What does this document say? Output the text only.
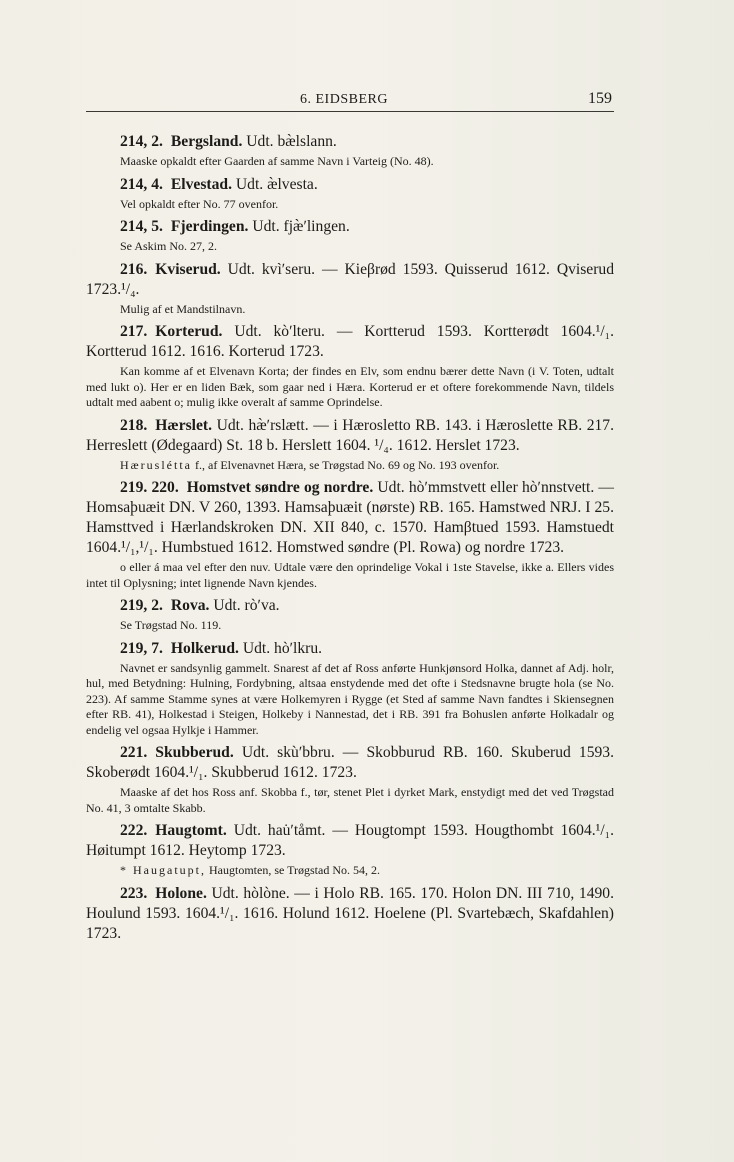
6. EIDSBERG	159

214, 2. Bergsland. Udt. bæ̀lslann.

Maaske opkaldt efter Gaarden af samme Navn i Varteig (No. 48).

214, 4. Elvestad. Udt. æ̀lvesta.

Vel opkaldt efter No. 77 ovenfor.

214, 5. Fjerdingen. Udt. fjæ̀ʹlingen.

Se Askim No. 27, 2.

216. Kviserud. Udt. kvìʹseru. — Kieβrød 1593. Quisserud 1612. Qviserud 1723.¹/₄.

Mulig af et Mandstilnavn.

217. Korterud. Udt. kòʹlteru. — Kortterud 1593. Kortterødt 1604.¹/₁. Kortterud 1612. 1616. Korterud 1723.

Kan komme af et Elvenavn Korta; der findes en Elv, som endnu bærer dette Navn (i V. Toten, udtalt med lukt o). Her er en liden Bæk, som gaar ned i Hæra. Korterud er et oftere forekommende Navn, tildels udtalt med aabent o; mulig ikke overalt af samme Oprindelse.

218. Hærslet. Udt. hæ̀ʹrslætt. — i Hærosletto RB. 143. i Hæroslette RB. 217. Herreslett (Ødegaard) St. 18 b. Herslett 1604. ¹/₄. 1612. Herslet 1723.

Hæruslétta f., af Elvenavnet Hæra, se Trøgstad No. 69 og No. 193 ovenfor.

219. 220. Homstvet søndre og nordre. Udt. hòʹmmstvett eller hòʹnnstvett. — Homsaþuæit DN. V 260, 1393. Hamsaþuæit (nørste) RB. 165. Hamstwed NRJ. I 25. Hamsttved i Hærlandskroken DN. XII 840, c. 1570. Hamβtued 1593. Hamstuedt 1604.¹/₁,¹/₁. Humbstued 1612. Homstwed søndre (Pl. Rowa) og nordre 1723.

o eller á maa vel efter den nuv. Udtale være den oprindelige Vokal i 1ste Stavelse, ikke a. Ellers vides intet til Oplysning; intet lignende Navn kjendes.

219, 2. Rova. Udt. ròʹva.

Se Trøgstad No. 119.

219, 7. Holkerud. Udt. hòʹlkru.

Navnet er sandsynlig gammelt. Snarest af det af Ross anførte Hunkjønsord Holka, dannet af Adj. holr, hul, med Betydning: Hulning, Fordybning, altsaa enstydende med det ofte i Stedsnavne brugte hola (se No. 223). Af samme Stamme synes at være Holkemyren i Rygge (et Sted af samme Navn fandtes i Skiensegnen efter RB. 41), Holkestad i Steigen, Holkeby i Nannestad, det i RB. 391 fra Bohuslen anførte Holkadalr og endelig vel ogsaa Hylkje i Hammer.

221. Skubberud. Udt. skùʹbbru. — Skobburud RB. 160. Skuberud 1593. Skoberødt 1604.¹/₁. Skubberud 1612. 1723.

Maaske af det hos Ross anf. Skobba f., tør, stenet Plet i dyrket Mark, enstydigt med det ved Trøgstad No. 41, 3 omtalte Skabb.

222. Haugtomt. Udt. hau̇ʹtåmt. — Hougtompt 1593. Hougthombt 1604.¹/₁. Høitumpt 1612. Heytomp 1723.

* Haugatupt, Haugtomten, se Trøgstad No. 54, 2.

223. Holone. Udt. hòlòne. — i Holo RB. 165. 170. Holon DN. III 710, 1490. Houlund 1593. 1604.¹/₁. 1616. Holund 1612. Hoelene (Pl. Svartebæch, Skafdahlen) 1723.
